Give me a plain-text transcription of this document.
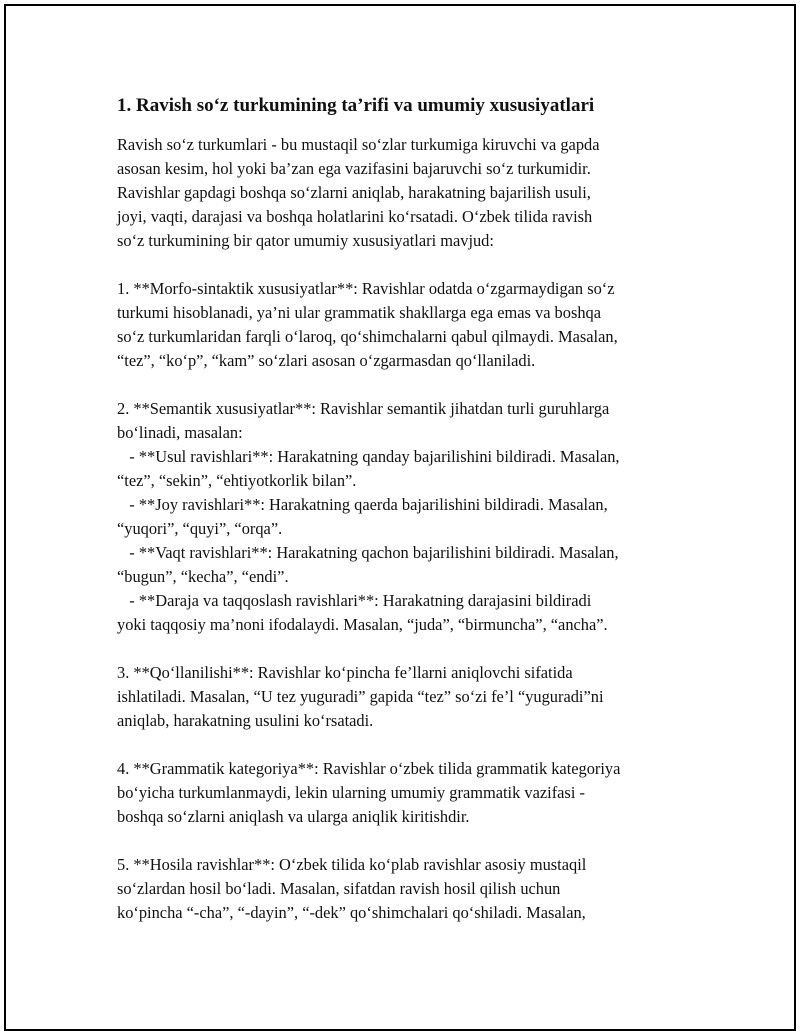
1. Ravish so‘z turkumining ta’rifi va umumiy xususiyatlari
Ravish so‘z turkumlari - bu mustaqil so‘zlar turkumiga kiruvchi va gapda
asosan kesim, hol yoki ba’zan ega vazifasini bajaruvchi so‘z turkumidir.
Ravishlar gapdagi boshqa so‘zlarni aniqlab, harakatning bajarilish usuli,
joyi, vaqti, darajasi va boshqa holatlarini ko‘rsatadi. O‘zbek tilida ravish
so‘z turkumining bir qator umumiy xususiyatlari mavjud:
1. **Morfo-sintaktik xususiyatlar**: Ravishlar odatda o‘zgarmaydigan so‘z
turkumi hisoblanadi, ya’ni ular grammatik shakllarga ega emas va boshqa
so‘z turkumlaridan farqli o‘laroq, qo‘shimchalarni qabul qilmaydi. Masalan,
“tez”, “ko‘p”, “kam” so‘zlari asosan o‘zgarmasdan qo‘llaniladi.
2. **Semantik xususiyatlar**: Ravishlar semantik jihatdan turli guruhlarga
bo‘linadi, masalan:
- **Usul ravishlari**: Harakatning qanday bajarilishini bildiradi. Masalan,
“tez”, “sekin”, “ehtiyotkorlik bilan”.
- **Joy ravishlari**: Harakatning qaerda bajarilishini bildiradi. Masalan,
“yuqori”, “quyi”, “orqa”.
- **Vaqt ravishlari**: Harakatning qachon bajarilishini bildiradi. Masalan,
“bugun”, “kecha”, “endi”.
- **Daraja va taqqoslash ravishlari**: Harakatning darajasini bildiradi
yoki taqqosiy ma’noni ifodalaydi. Masalan, “juda”, “birmuncha”, “ancha”.
3. **Qo‘llanilishi**: Ravishlar ko‘pincha fe’llarni aniqlovchi sifatida
ishlatiladi. Masalan, “U tez yuguradi” gapida “tez” so‘zi fe’l “yuguradi”ni
aniqlab, harakatning usulini ko‘rsatadi.
4. **Grammatik kategoriya**: Ravishlar o‘zbek tilida grammatik kategoriya
bo‘yicha turkumlanmaydi, lekin ularning umumiy grammatik vazifasi -
boshqa so‘zlarni aniqlash va ularga aniqlik kiritishdir.
5. **Hosila ravishlar**: O‘zbek tilida ko‘plab ravishlar asosiy mustaqil
so‘zlardan hosil bo‘ladi. Masalan, sifatdan ravish hosil qilish uchun
ko‘pincha “-cha”, “-dayin”, “-dek” qo‘shimchalari qo‘shiladi. Masalan,
